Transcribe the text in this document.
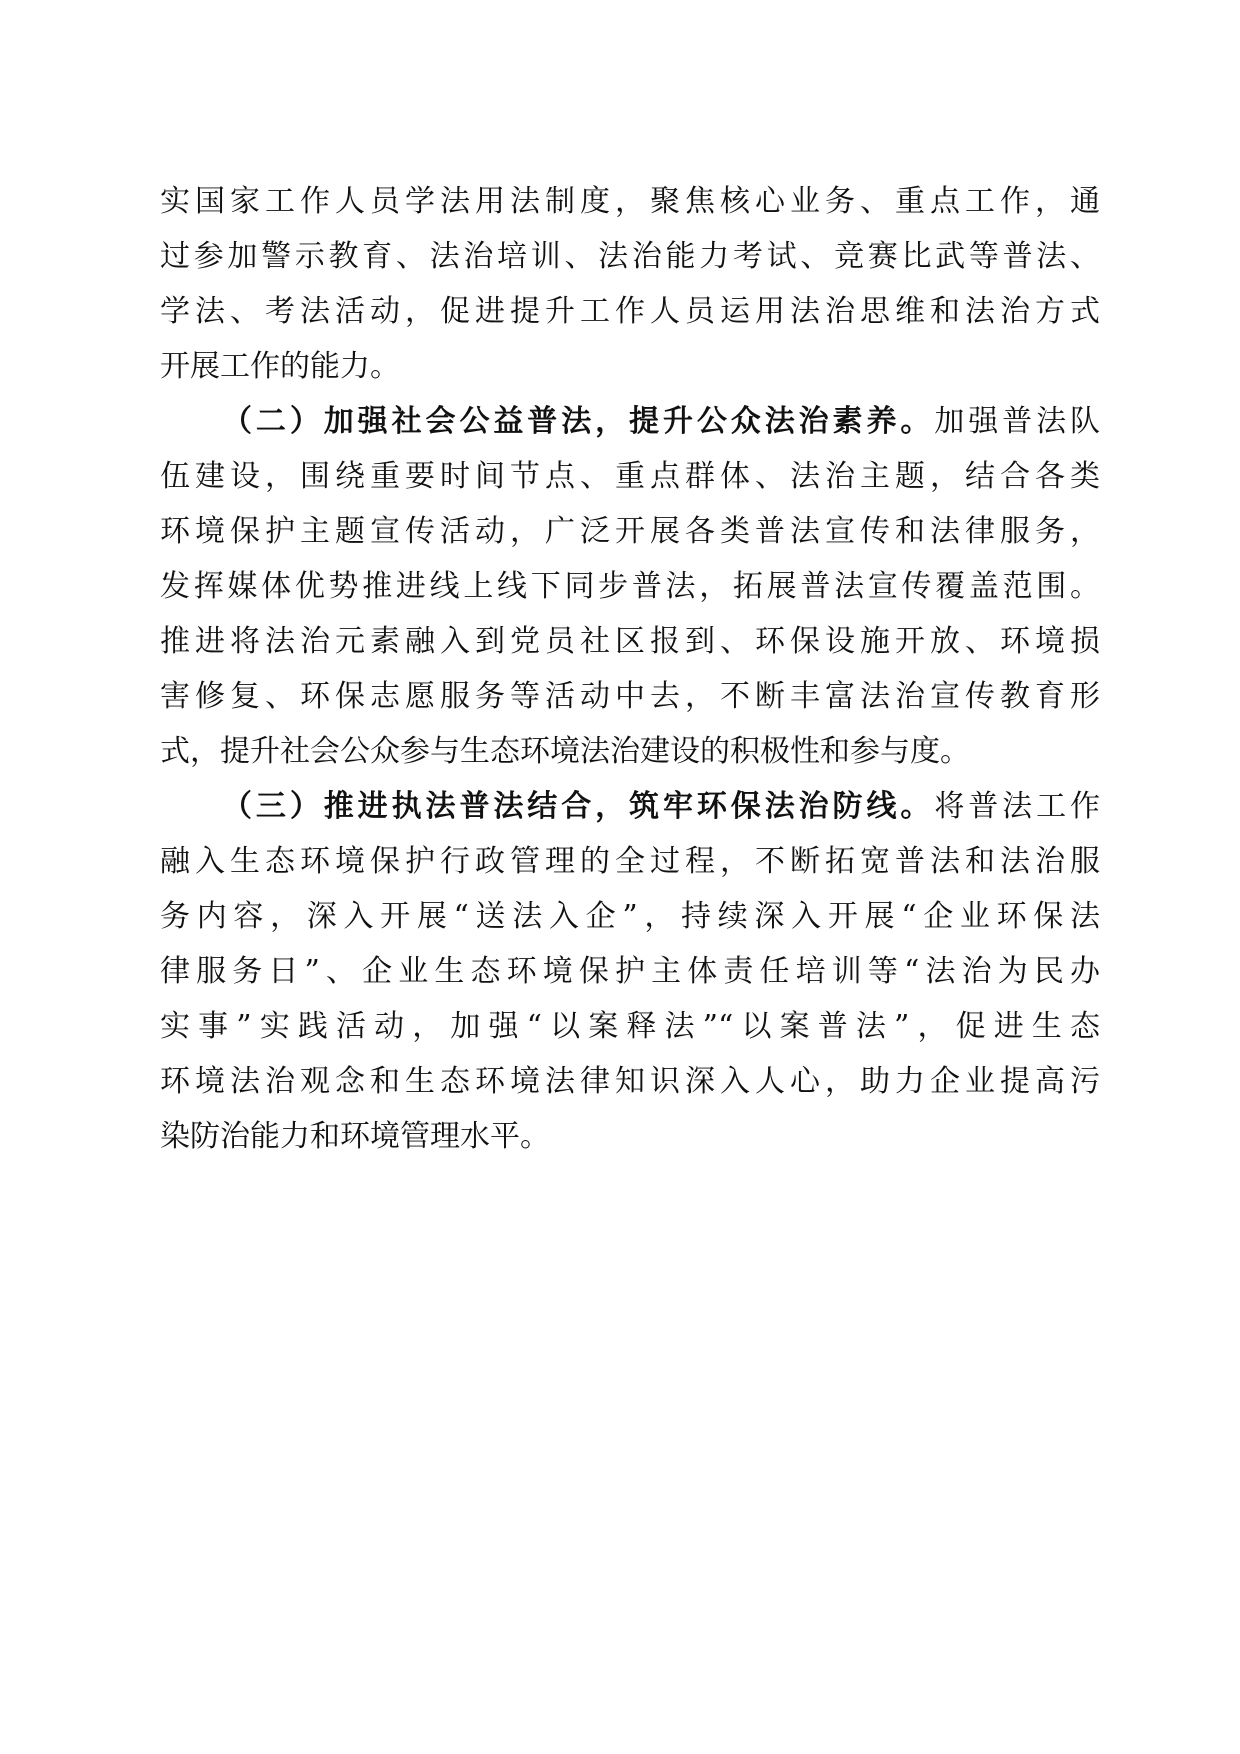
实国家工作人员学法用法制度，聚焦核心业务、重点工作，通
过参加警示教育、法治培训、法治能力考试、竞赛比武等普法、
学法、考法活动，促进提升工作人员运用法治思维和法治方式
开展工作的能力。
（二）加强社会公益普法，提升公众法治素养。加强普法队
伍建设，围绕重要时间节点、重点群体、法治主题，结合各类
环境保护主题宣传活动，广泛开展各类普法宣传和法律服务，
发挥媒体优势推进线上线下同步普法，拓展普法宣传覆盖范围。
推进将法治元素融入到党员社区报到、环保设施开放、环境损
害修复、环保志愿服务等活动中去，不断丰富法治宣传教育形
式，提升社会公众参与生态环境法治建设的积极性和参与度。
（三）推进执法普法结合，筑牢环保法治防线。将普法工作
融入生态环境保护行政管理的全过程，不断拓宽普法和法治服
务内容，深入开展“送法入企”，持续深入开展“企业环保法
律服务日”、企业生态环境保护主体责任培训等“法治为民办
实事”实践活动，加强“以案释法”“以案普法”，促进生态
环境法治观念和生态环境法律知识深入人心，助力企业提高污
染防治能力和环境管理水平。
